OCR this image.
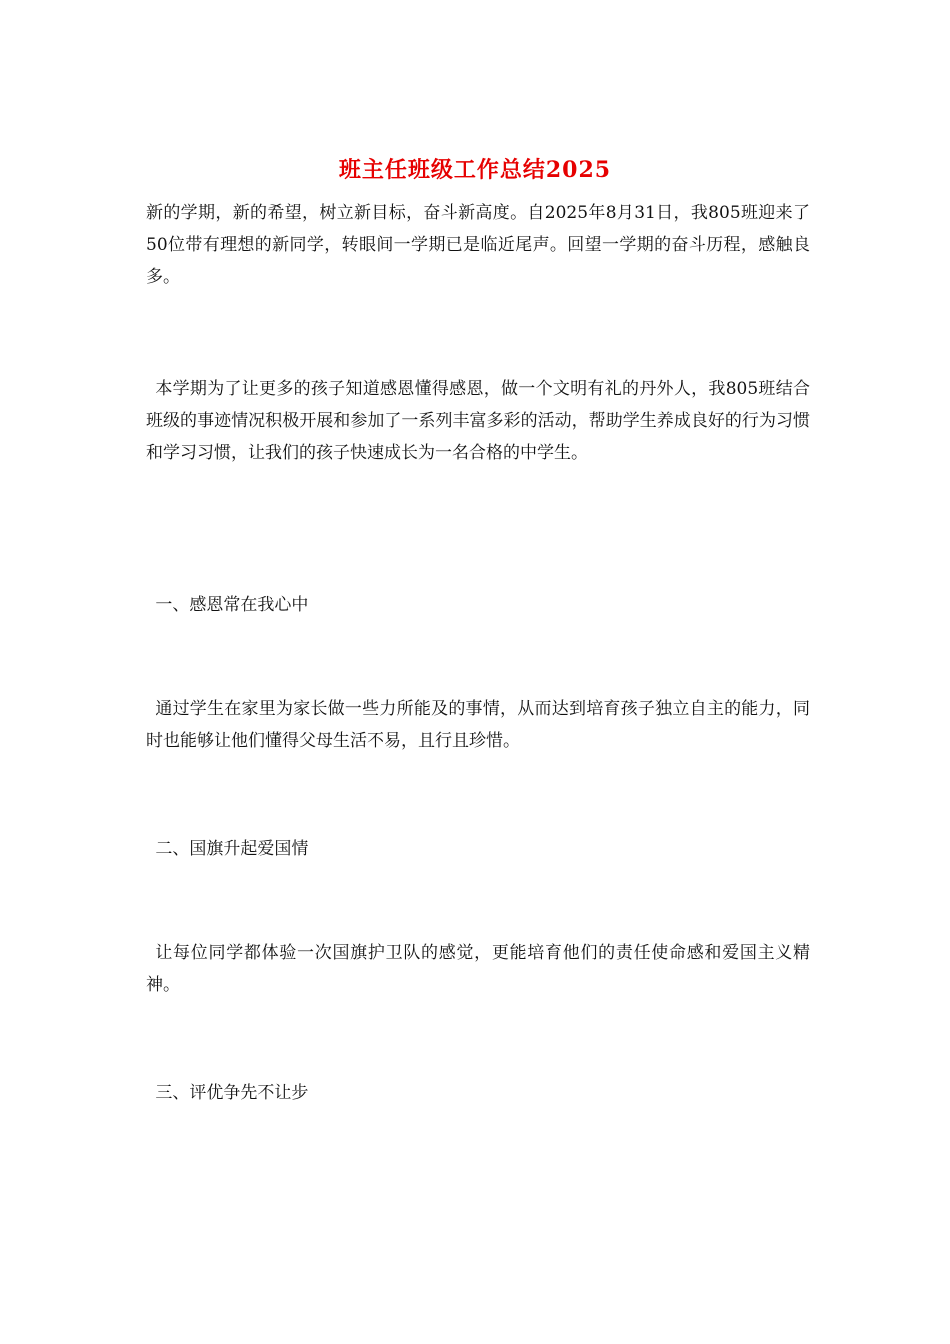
班主任班级工作总结2025
新的学期，新的希望，树立新目标，奋斗新高度。自2025年8月31日，我805班迎来了50位带有理想的新同学，转眼间一学期已是临近尾声。回望一学期的奋斗历程，感触良多。
本学期为了让更多的孩子知道感恩懂得感恩，做一个文明有礼的丹外人，我805班结合班级的事迹情况积极开展和参加了一系列丰富多彩的活动，帮助学生养成良好的行为习惯和学习习惯，让我们的孩子快速成长为一名合格的中学生。
一、感恩常在我心中
通过学生在家里为家长做一些力所能及的事情，从而达到培育孩子独立自主的能力，同时也能够让他们懂得父母生活不易，且行且珍惜。
二、国旗升起爱国情
让每位同学都体验一次国旗护卫队的感觉，更能培育他们的责任使命感和爱国主义精神。
三、评优争先不让步
